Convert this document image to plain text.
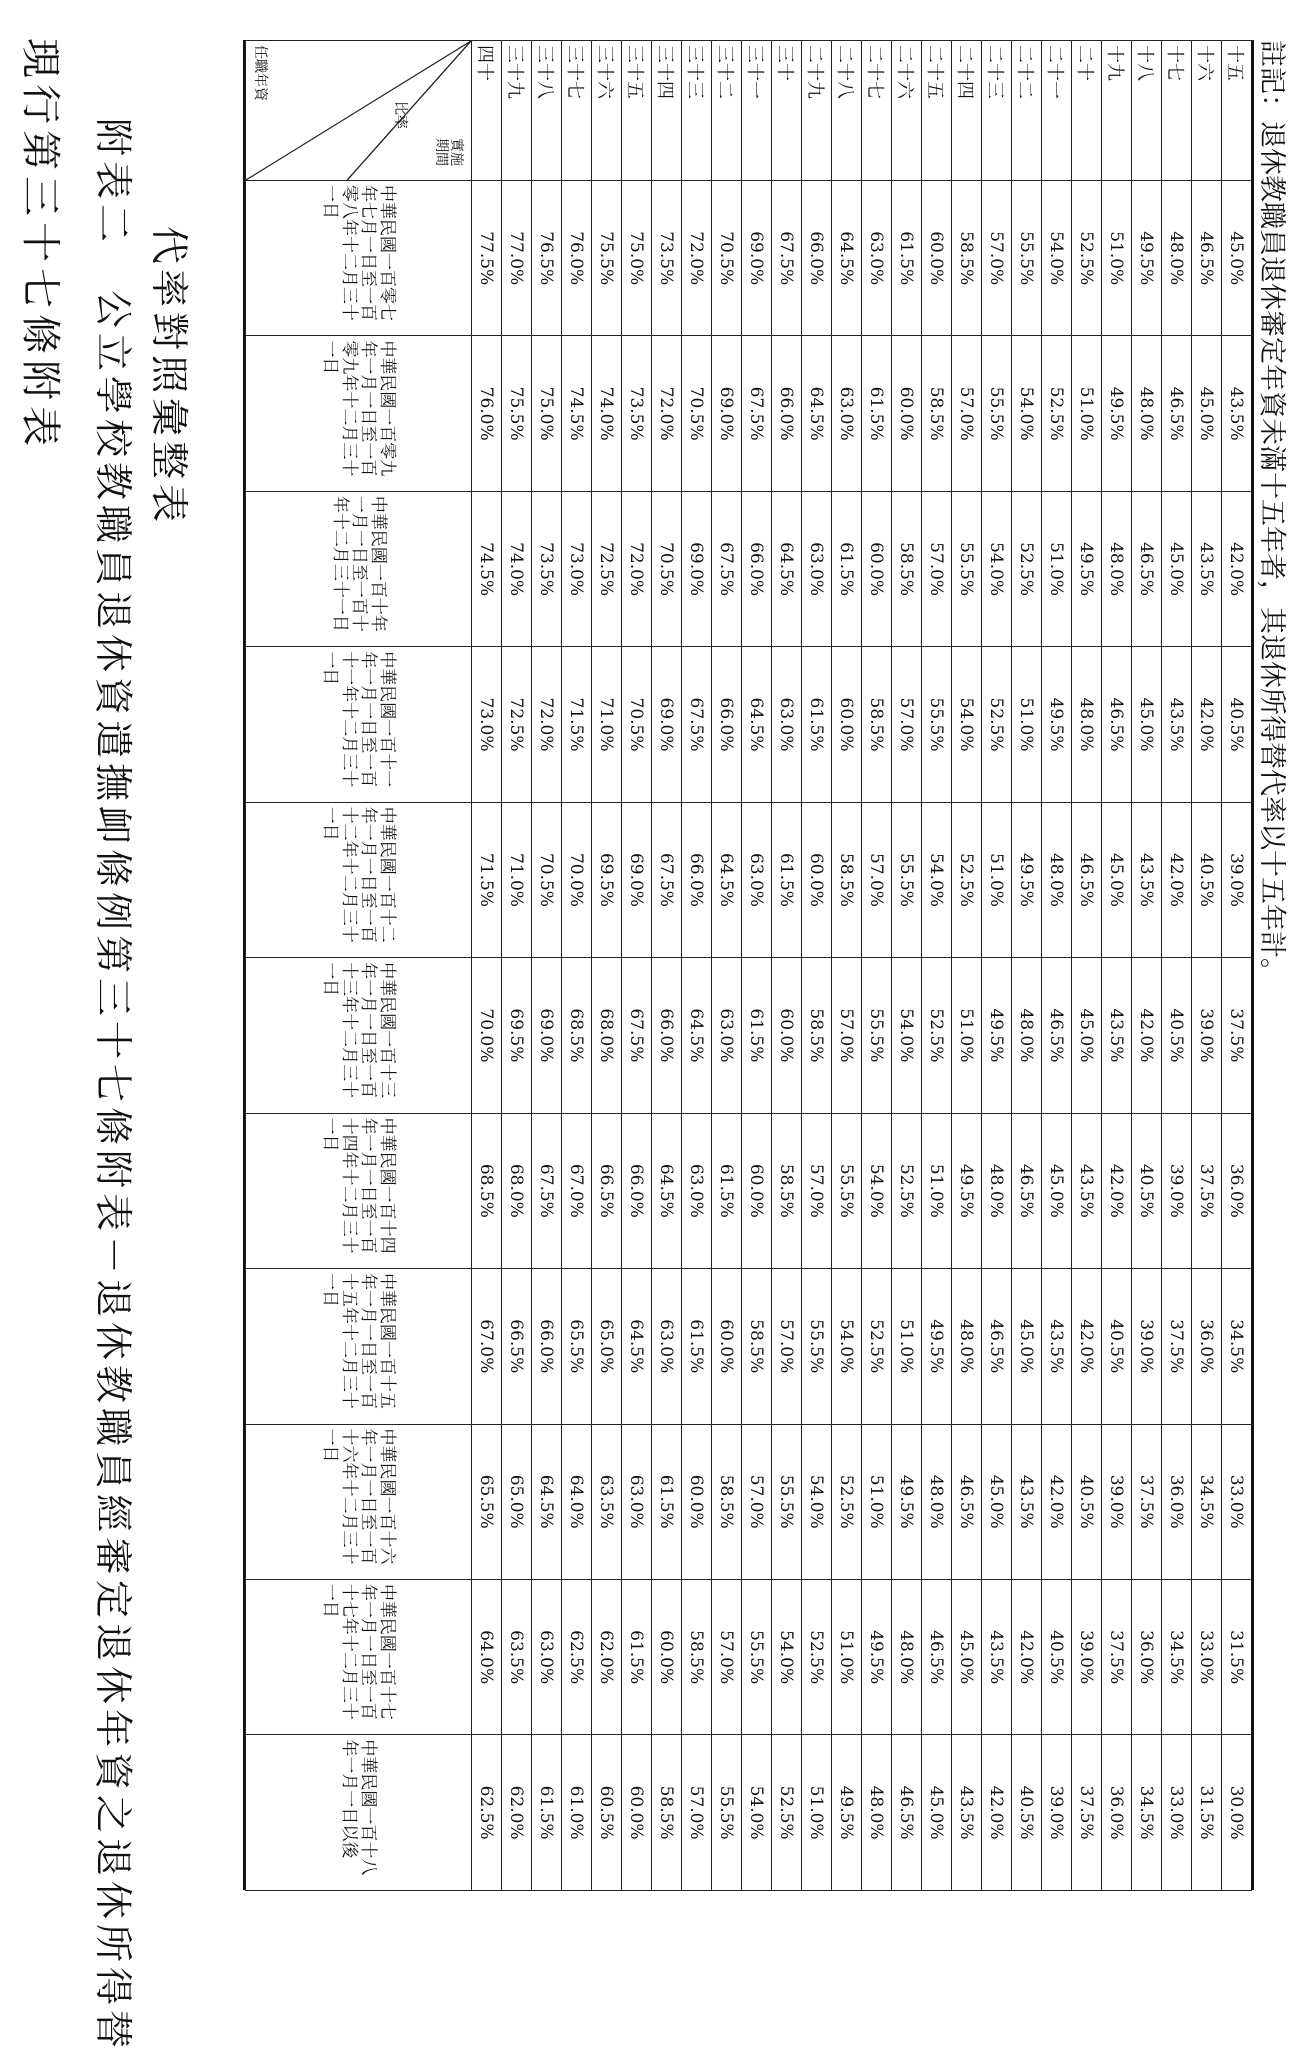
現行第三十七條附表 附表二　公立學校教職員退休資遣撫卹條例第三十七條附表－退休教職員經審定退休年資之退休所得替 代率對照彙整表
十五	45.0%	43.5%	42.0%	40.5%	39.0%	37.5%	36.0%	34.5%	33.0%	31.5%	30.0%
十六	46.5%	45.0%	43.5%	42.0%	40.5%	39.0%	37.5%	36.0%	34.5%	33.0%	31.5%
十七	48.0%	46.5%	45.0%	43.5%	42.0%	40.5%	39.0%	37.5%	36.0%	34.5%	33.0%
十八	49.5%	48.0%	46.5%	45.0%	43.5%	42.0%	40.5%	39.0%	37.5%	36.0%	34.5%
十九	51.0%	49.5%	48.0%	46.5%	45.0%	43.5%	42.0%	40.5%	39.0%	37.5%	36.0%
二十	52.5%	51.0%	49.5%	48.0%	46.5%	45.0%	43.5%	42.0%	40.5%	39.0%	37.5%
二十一	54.0%	52.5%	51.0%	49.5%	48.0%	46.5%	45.0%	43.5%	42.0%	40.5%	39.0%
二十二	55.5%	54.0%	52.5%	51.0%	49.5%	48.0%	46.5%	45.0%	43.5%	42.0%	40.5%
二十三	57.0%	55.5%	54.0%	52.5%	51.0%	49.5%	48.0%	46.5%	45.0%	43.5%	42.0%
二十四	58.5%	57.0%	55.5%	54.0%	52.5%	51.0%	49.5%	48.0%	46.5%	45.0%	43.5%
二十五	60.0%	58.5%	57.0%	55.5%	54.0%	52.5%	51.0%	49.5%	48.0%	46.5%	45.0%
二十六	61.5%	60.0%	58.5%	57.0%	55.5%	54.0%	52.5%	51.0%	49.5%	48.0%	46.5%
二十七	63.0%	61.5%	60.0%	58.5%	57.0%	55.5%	54.0%	52.5%	51.0%	49.5%	48.0%
二十八	64.5%	63.0%	61.5%	60.0%	58.5%	57.0%	55.5%	54.0%	52.5%	51.0%	49.5%
二十九	66.0%	64.5%	63.0%	61.5%	60.0%	58.5%	57.0%	55.5%	54.0%	52.5%	51.0%
三十	67.5%	66.0%	64.5%	63.0%	61.5%	60.0%	58.5%	57.0%	55.5%	54.0%	52.5%
三十一	69.0%	67.5%	66.0%	64.5%	63.0%	61.5%	60.0%	58.5%	57.0%	55.5%	54.0%
三十二	70.5%	69.0%	67.5%	66.0%	64.5%	63.0%	61.5%	60.0%	58.5%	57.0%	55.5%
三十三	72.0%	70.5%	69.0%	67.5%	66.0%	64.5%	63.0%	61.5%	60.0%	58.5%	57.0%
三十四	73.5%	72.0%	70.5%	69.0%	67.5%	66.0%	64.5%	63.0%	61.5%	60.0%	58.5%
三十五	75.0%	73.5%	72.0%	70.5%	69.0%	67.5%	66.0%	64.5%	63.0%	61.5%	60.0%
三十六	75.5%	74.0%	72.5%	71.0%	69.5%	68.0%	66.5%	65.0%	63.5%	62.0%	60.5%
三十七	76.0%	74.5%	73.0%	71.5%	70.0%	68.5%	67.0%	65.5%	64.0%	62.5%	61.0%
三十八	76.5%	75.0%	73.5%	72.0%	70.5%	69.0%	67.5%	66.0%	64.5%	63.0%	61.5%
三十九	77.0%	75.5%	74.0%	72.5%	71.0%	69.5%	68.0%	66.5%	65.0%	63.5%	62.0%
四十	77.5%	76.0%	74.5%	73.0%	71.5%	70.0%	68.5%	67.0%	65.5%	64.0%	62.5%

實施期間
比率
任職年資	中華民國一百零七年七月一日至一百零八年十二月三十一日	中華民國一百零九年一月一日至一百零九年十二月三十一日	中華民國一百十年一月一日至一百十年十二月三十一日	中華民國一百十一年一月一日至一百十一年十二月三十一日	中華民國一百十二年一月一日至一百十二年十二月三十一日	中華民國一百十三年一月一日至一百十三年十二月三十一日	中華民國一百十四年一月一日至一百十四年十二月三十一日	中華民國一百十五年一月一日至一百十五年十二月三十一日	中華民國一百十六年一月一日至一百十六年十二月三十一日	中華民國一百十七年一月一日至一百十七年十二月三十一日	中華民國一百十八年一月一日以後
註記：退休教職員退休審定年資未滿十五年者，其退休所得替代率以十五年計。
